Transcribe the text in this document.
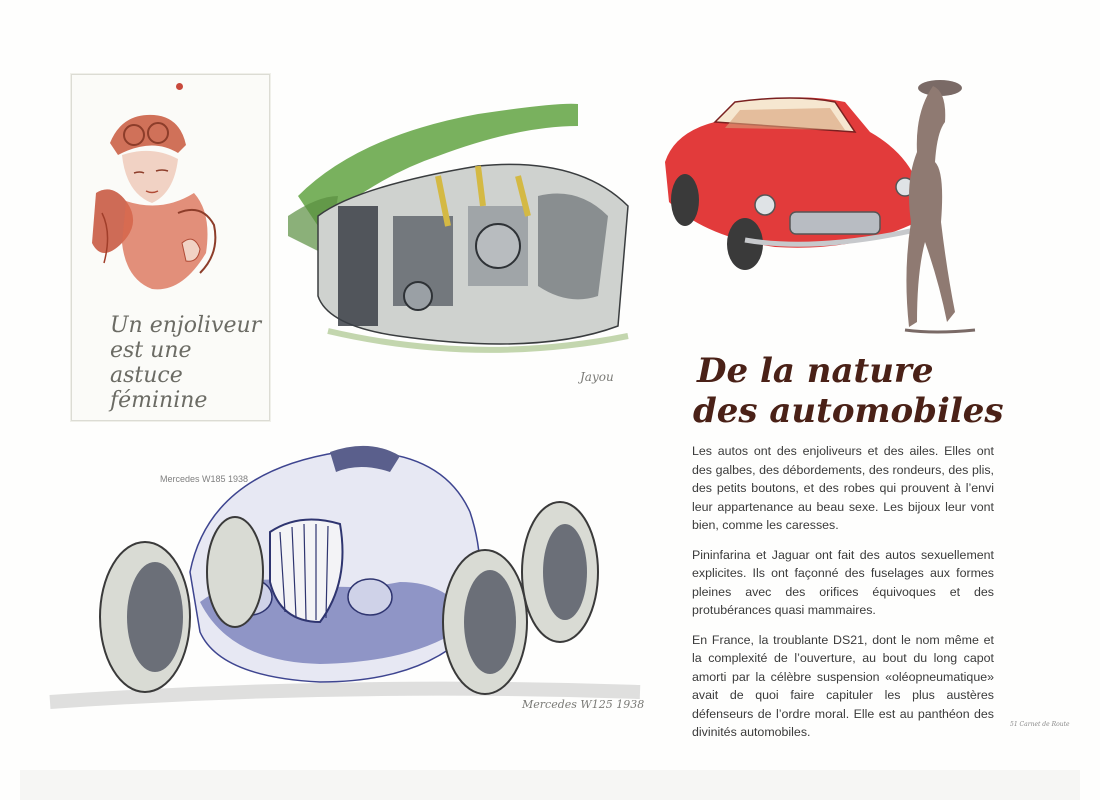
Un enjoliveur
est une astuce
féminine
Jayou
Mercedes W185 1938
Mercedes W125 1938
De la nature
des automobiles

Les autos ont des enjoliveurs et des ailes. Elles ont des galbes, des débordements, des rondeurs, des plis, des petits boutons, et des robes qui prouvent à l’envi leur appartenance au beau sexe. Les bijoux leur vont bien, comme les caresses.

Pininfarina et Jaguar ont fait des autos sexuellement explicites. Ils ont façonné des fuselages aux formes pleines avec des orifices équivoques et des protubérances quasi mammaires.

En France, la troublante DS21, dont le nom même et la complexité de l’ouverture, au bout du long capot amorti par la célèbre suspension «oléopneumatique» avait de quoi faire capituler les plus austères défenseurs de l’ordre moral. Elle est au panthéon des divinités automobiles.

51 Carnet de Route
